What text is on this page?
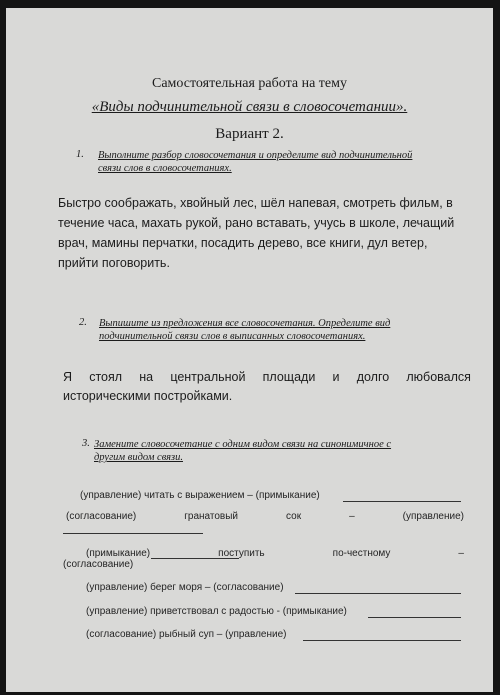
Самостоятельная работа на тему
«Виды подчинительной связи в словосочетании».
Вариант 2.
1. Выполните разбор словосочетания и определите вид подчинительной
связи слов в словосочетаниях.
Быстро соображать, хвойный лес, шёл напевая, смотреть фильм, в
течение часа, махать рукой, рано вставать, учусь в школе, лечащий
врач, мамины перчатки, посадить дерево, все книги, дул ветер,
прийти поговорить.
2. Выпишите из предложения все словосочетания. Определите вид
подчинительной связи слов в выписанных словосочетаниях.
Я стоял на центральной площади и долго любовался
историческими постройками.
3. Замените словосочетание с одним видом связи на синонимичное с
другим видом связи.
(управление) читать с выражением – (примыкание)
(согласование)	гранатовый	сок	–	(управление)
(примыкание)	поступить	по-честному	–
(согласование)
(управление) берег моря – (согласование)
(управление) приветствовал с радостью - (примыкание)
(согласование) рыбный суп – (управление)
